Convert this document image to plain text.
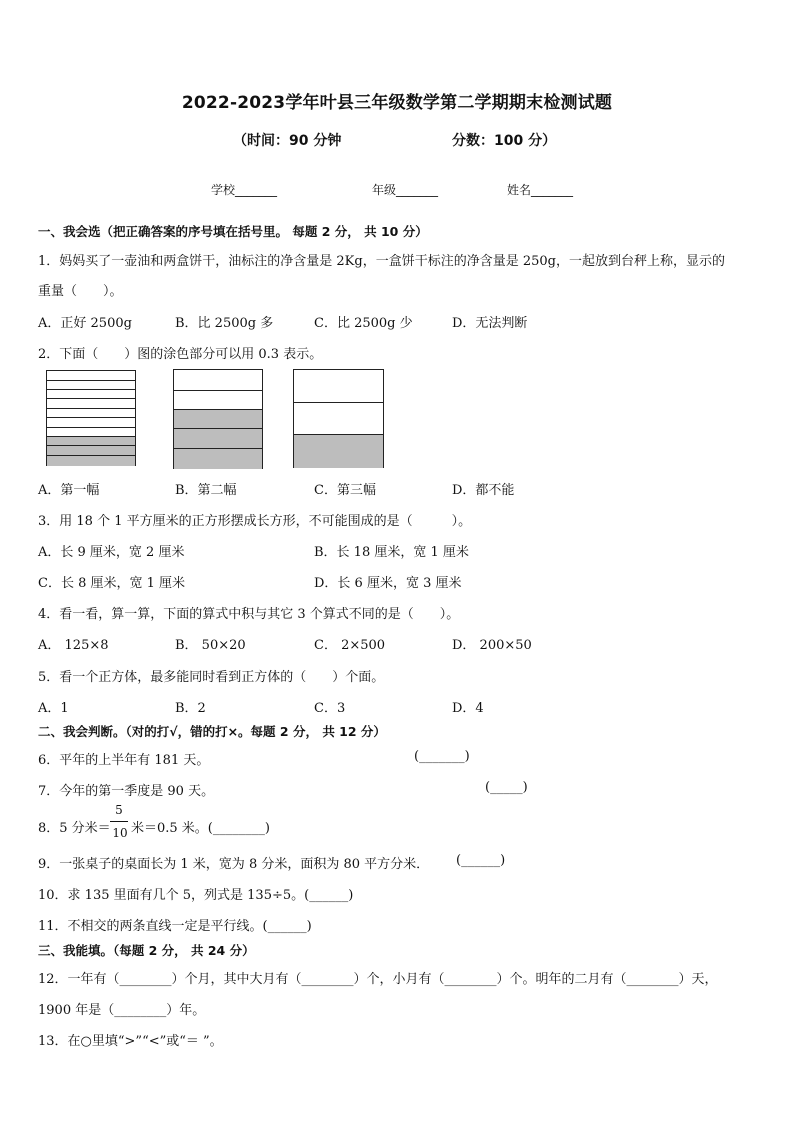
2022-2023学年叶县三年级数学第二学期期末检测试题
（时间：90 分钟	分数：100 分）
学校_______	年级_______	姓名_______
一、我会选（把正确答案的序号填在括号里。 每题 2 分， 共 10 分）
1．妈妈买了一壶油和两盒饼干，油标注的净含量是 2Kg，一盒饼干标注的净含量是 250g，一起放到台秤上称，显示的
重量（　　）。
A．正好 2500g	B．比 2500g 多	C．比 2500g 少	D．无法判断
2．下面（　　）图的涂色部分可以用 0.3 表示。
A．第一幅	B．第二幅	C．第三幅	D．都不能
3．用 18 个 1 平方厘米的正方形摆成长方形，不可能围成的是（　　　）。
A．长 9 厘米，宽 2 厘米	B．长 18 厘米，宽 1 厘米
C．长 8 厘米，宽 1 厘米	D．长 6 厘米，宽 3 厘米
4．看一看，算一算，下面的算式中积与其它 3 个算式不同的是（　　）。
A． 125×8	B． 50×20	C． 2×500	D． 200×50
5．看一个正方体，最多能同时看到正方体的（　　）个面。
A．1	B．2	C．3	D．4
二、我会判断。（对的打√，错的打×。每题 2 分， 共 12 分）
6．平年的上半年有 181 天。	(_______)
7．今年的第一季度是 90 天。	(_____)
8．5 分米＝
5
10 米＝0.5 米。(________)
9．一张桌子的桌面长为 1 米，宽为 8 分米，面积为 80 平方分米． (______)
10．求 135 里面有几个 5，列式是 135÷5。(______)
11．不相交的两条直线一定是平行线。(______)
三、我能填。（每题 2 分， 共 24 分）
12．一年有（________）个月，其中大月有（________）个，小月有（________）个。明年的二月有（________）天，
1900 年是（________）年。
13．在○里填“>”“<”或“＝ ”。
